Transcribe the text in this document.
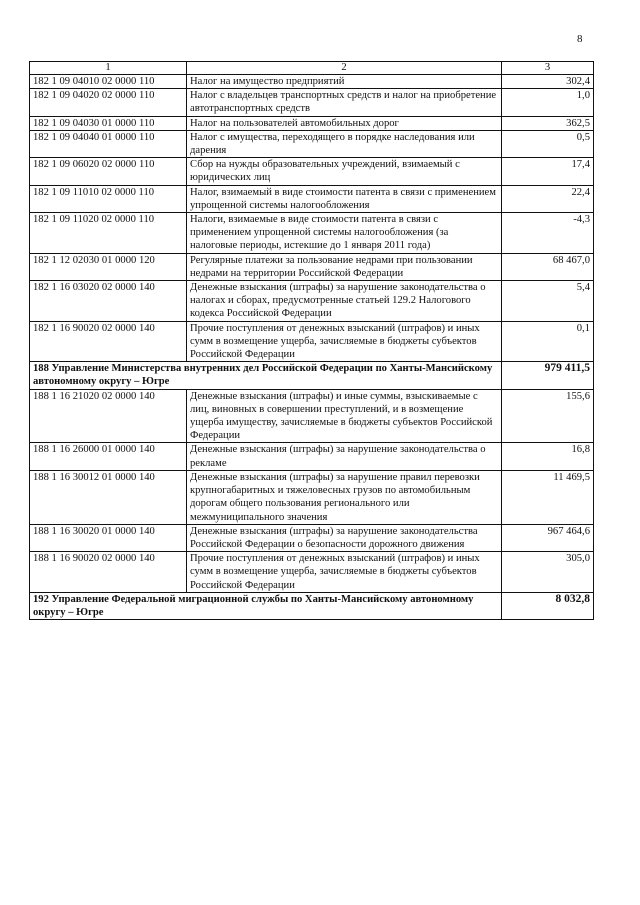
8
1	2	3
182 1 09 04010 02 0000 110	Налог на имущество предприятий	302,4
182 1 09 04020 02 0000 110	Налог с владельцев транспортных средств и налог на приобретение автотранспортных средств	1,0
182 1 09 04030 01 0000 110	Налог на пользователей автомобильных дорог	362,5
182 1 09 04040 01 0000 110	Налог с имущества, переходящего в порядке наследования или дарения	0,5
182 1 09 06020 02 0000 110	Сбор на нужды образовательных учреждений, взимаемый с юридических лиц	17,4
182 1 09 11010 02 0000 110	Налог, взимаемый в виде стоимости патента в связи с применением упрощенной системы налогообложения	22,4
182 1 09 11020 02 0000 110	Налоги, взимаемые в виде стоимости патента в связи с применением упрощенной системы налогообложения (за налоговые периоды, истекшие до 1 января 2011 года)	-4,3
182 1 12 02030 01 0000 120	Регулярные платежи за пользование недрами при пользовании недрами на территории Российской Федерации	68 467,0
182 1 16 03020 02 0000 140	Денежные взыскания (штрафы) за нарушение законодательства о налогах и сборах, предусмотренные статьей 129.2 Налогового кодекса Российской Федерации	5,4
182 1 16 90020 02 0000 140	Прочие поступления от денежных взысканий (штрафов) и иных сумм в возмещение ущерба, зачисляемые в бюджеты субъектов Российской Федерации	0,1
188 Управление Министерства внутренних дел Российской Федерации по Ханты-Мансийскому автономному округу – Югре		979 411,5
188 1 16 21020 02 0000 140	Денежные взыскания (штрафы) и иные суммы, взыскиваемые с лиц, виновных в совершении преступлений, и в возмещение ущерба имуществу, зачисляемые в бюджеты субъектов Российской Федерации	155,6
188 1 16 26000 01 0000 140	Денежные взыскания (штрафы) за нарушение законодательства о рекламе	16,8
188 1 16 30012 01 0000 140	Денежные взыскания (штрафы) за нарушение правил перевозки крупногабаритных и тяжеловесных грузов по автомобильным дорогам общего пользования регионального или межмуниципального значения	11 469,5
188 1 16 30020 01 0000 140	Денежные взыскания (штрафы) за нарушение законодательства Российской Федерации о безопасности дорожного движения	967 464,6
188 1 16 90020 02 0000 140	Прочие поступления от денежных взысканий (штрафов) и иных сумм в возмещение ущерба, зачисляемые в бюджеты субъектов Российской Федерации	305,0
192 Управление Федеральной миграционной службы по Ханты-Мансийскому автономному округу – Югре		8 032,8
